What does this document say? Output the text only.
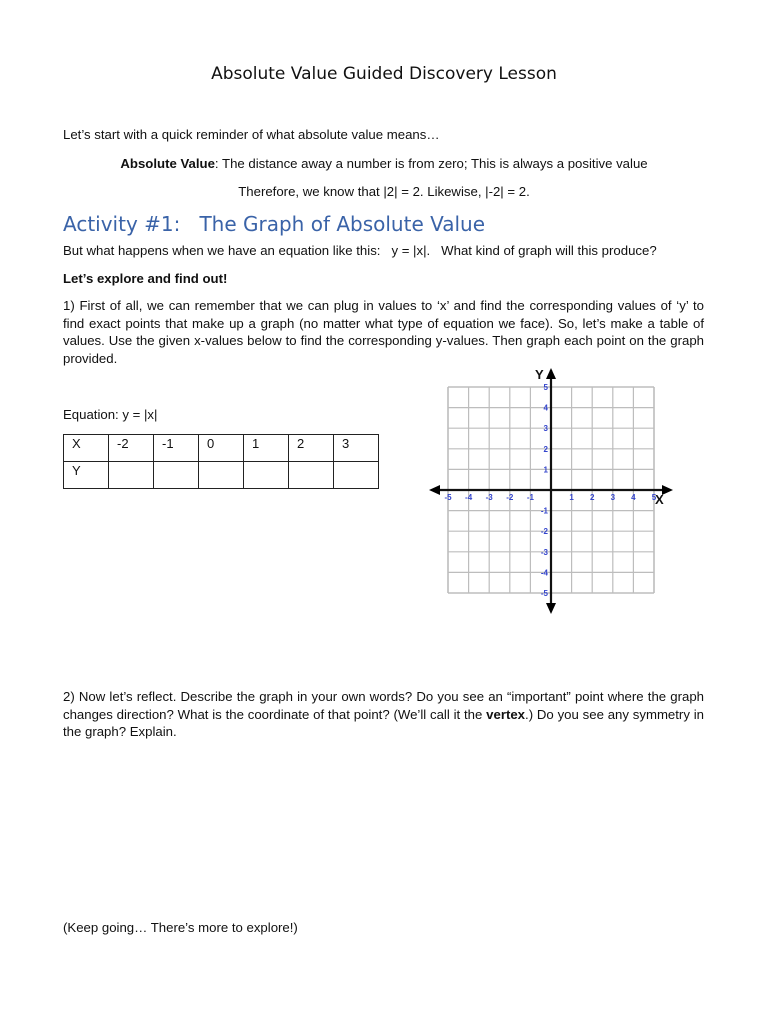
Absolute Value Guided Discovery Lesson
Let’s start with a quick reminder of what absolute value means…
Absolute Value: The distance away a number is from zero; This is always a positive value
Therefore, we know that |2| = 2. Likewise, |-2| = 2.
Activity #1:   The Graph of Absolute Value
But what happens when we have an equation like this:   y = |x|.   What kind of graph will this produce?
Let’s explore and find out!
1) First of all, we can remember that we can plug in values to ‘x’ and find the corresponding values of ‘y’ to find exact points that make up a graph (no matter what type of equation we face). So, let’s make a table of values. Use the given x-values below to find the corresponding y-values. Then graph each point on the graph provided.
Equation: y = |x|
X	-2	-1	0	1	2	3
Y						
-5 -4 -3 -2 -1	1 2 3 4 5
5
4
3
2
1
-1
-2
-3
-4
-5
X
Y
2) Now let’s reflect. Describe the graph in your own words? Do you see an “important” point where the graph changes direction? What is the coordinate of that point? (We’ll call it the vertex.) Do you see any symmetry in the graph? Explain.
(Keep going… There’s more to explore!)
